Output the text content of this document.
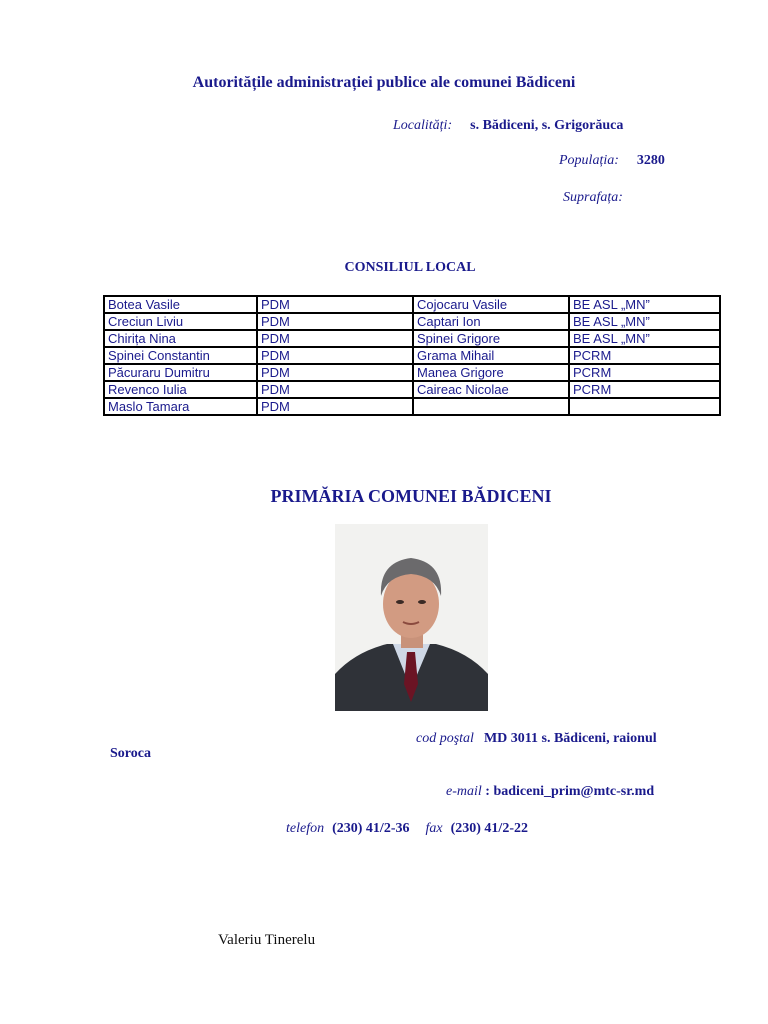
Autoritățile administrației publice ale comunei Bădiceni
Localități: s. Bădiceni, s. Grigorăuca
Populația: 3280
Suprafața:
CONSILIUL LOCAL
Botea Vasile	PDM	Cojocaru Vasile	BE ASL „MN”
Creciun Liviu	PDM	Captari Ion	BE ASL „MN”
Chirița Nina	PDM	Spinei Grigore	BE ASL „MN”
Spinei Constantin	PDM	Grama Mihail	PCRM
Păcuraru Dumitru	PDM	Manea Grigore	PCRM
Revenco Iulia	PDM	Caireac Nicolae	PCRM
Maslo Tamara	PDM		
PRIMĂRIA COMUNEI BĂDICENI
cod poştal MD 3011 s. Bădiceni, raionul
Soroca
e-mail : badiceni_prim@mtc-sr.md
telefon (230) 41/2-36 fax (230) 41/2-22
Valeriu Tinerelu
